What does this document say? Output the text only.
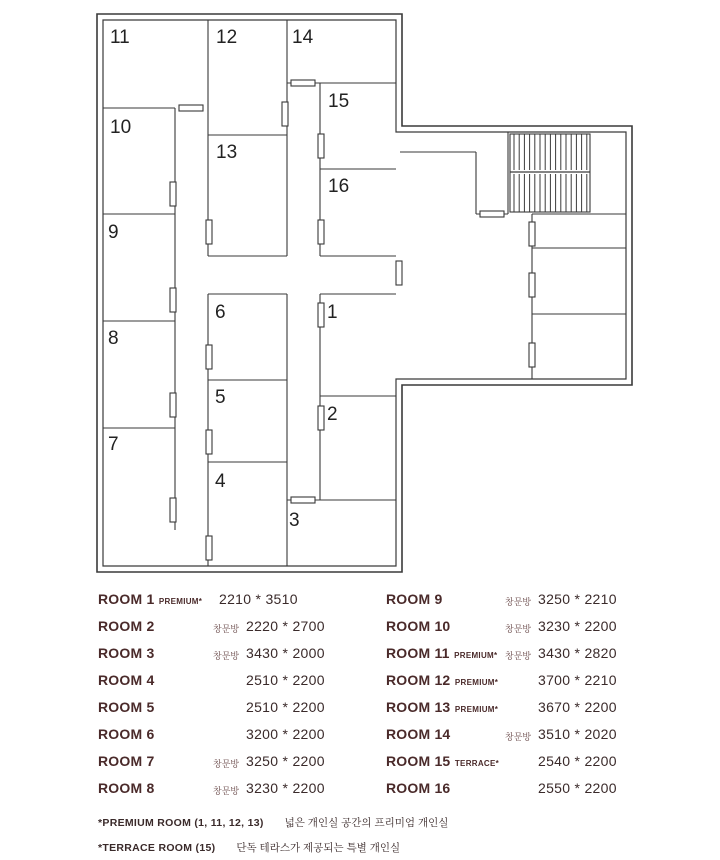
11	12	14
15
10
13
16
9
8
7
6
5
4
1
2
3
ROOM 1 PREMIUM* 2210 * 3510
ROOM 2	창문방 2220 * 2700
ROOM 3	창문방 3430 * 2000
ROOM 4	2510 * 2200
ROOM 5	2510 * 2200
ROOM 6	3200 * 2200
ROOM 7	창문방 3250 * 2200
ROOM 8	창문방 3230 * 2200
ROOM 9	창문방 3250 * 2210
ROOM 10	창문방 3230 * 2200
ROOM 11 PREMIUM* 창문방 3430 * 2820
ROOM 12 PREMIUM*	3700 * 2210
ROOM 13 PREMIUM*	3670 * 2200
ROOM 14	창문방 3510 * 2020
ROOM 15 TERRACE*	2540 * 2200
ROOM 16	2550 * 2200
*PREMIUM ROOM (1, 11, 12, 13) 넓은 개인실 공간의 프리미엄 개인실
*TERRACE ROOM (15) 단독 테라스가 제공되는 특별 개인실
